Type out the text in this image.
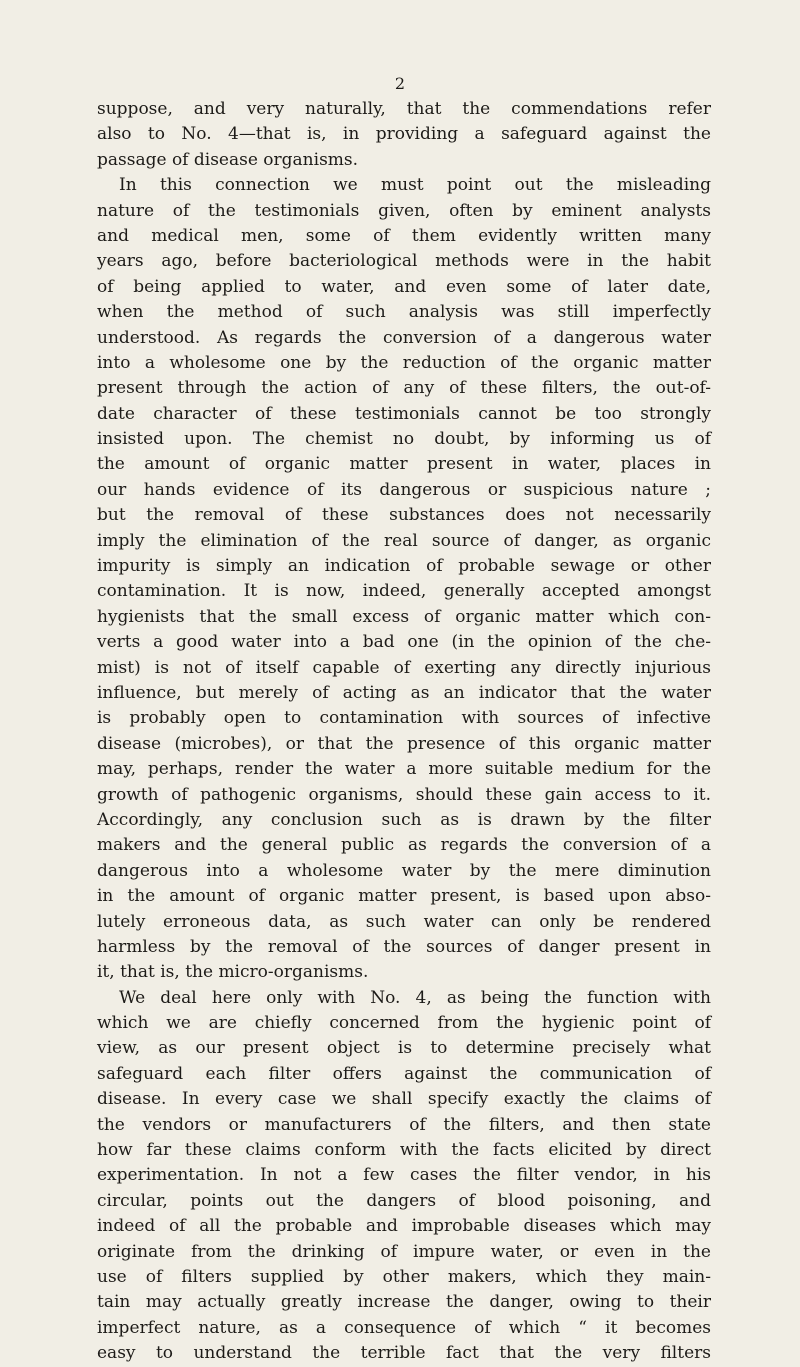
2
suppose, and very naturally, that the commendations refer
also to No. 4—that is, in providing a safeguard against the
passage of disease organisms.
In this connection we must point out the misleading
nature of the testimonials given, often by eminent analysts
and medical men, some of them evidently written many
years ago, before bacteriological methods were in the habit
of being applied to water, and even some of later date,
when the method of such analysis was still imperfectly
understood. As regards the conversion of a dangerous water
into a wholesome one by the reduction of the organic matter
present through the action of any of these filters, the out-of-
date character of these testimonials cannot be too strongly
insisted upon. The chemist no doubt, by informing us of
the amount of organic matter present in water, places in
our hands evidence of its dangerous or suspicious nature ;
but the removal of these substances does not necessarily
imply the elimination of the real source of danger, as organic
impurity is simply an indication of probable sewage or other
contamination. It is now, indeed, generally accepted amongst
hygienists that the small excess of organic matter which con-
verts a good water into a bad one (in the opinion of the che-
mist) is not of itself capable of exerting any directly injurious
influence, but merely of acting as an indicator that the water
is probably open to contamination with sources of infective
disease (microbes), or that the presence of this organic matter
may, perhaps, render the water a more suitable medium for the
growth of pathogenic organisms, should these gain access to it.
Accordingly, any conclusion such as is drawn by the filter
makers and the general public as regards the conversion of a
dangerous into a wholesome water by the mere diminution
in the amount of organic matter present, is based upon abso-
lutely erroneous data, as such water can only be rendered
harmless by the removal of the sources of danger present in
it, that is, the micro-organisms.
We deal here only with No. 4, as being the function with
which we are chiefly concerned from the hygienic point of
view, as our present object is to determine precisely what
safeguard each filter offers against the communication of
disease. In every case we shall specify exactly the claims of
the vendors or manufacturers of the filters, and then state
how far these claims conform with the facts elicited by direct
experimentation. In not a few cases the filter vendor, in his
circular, points out the dangers of blood poisoning, and
indeed of all the probable and improbable diseases which may
originate from the drinking of impure water, or even in the
use of filters supplied by other makers, which they main-
tain may actually greatly increase the danger, owing to their
imperfect nature, as a consequence of which “ it becomes
easy to understand the terrible fact that the very filters
